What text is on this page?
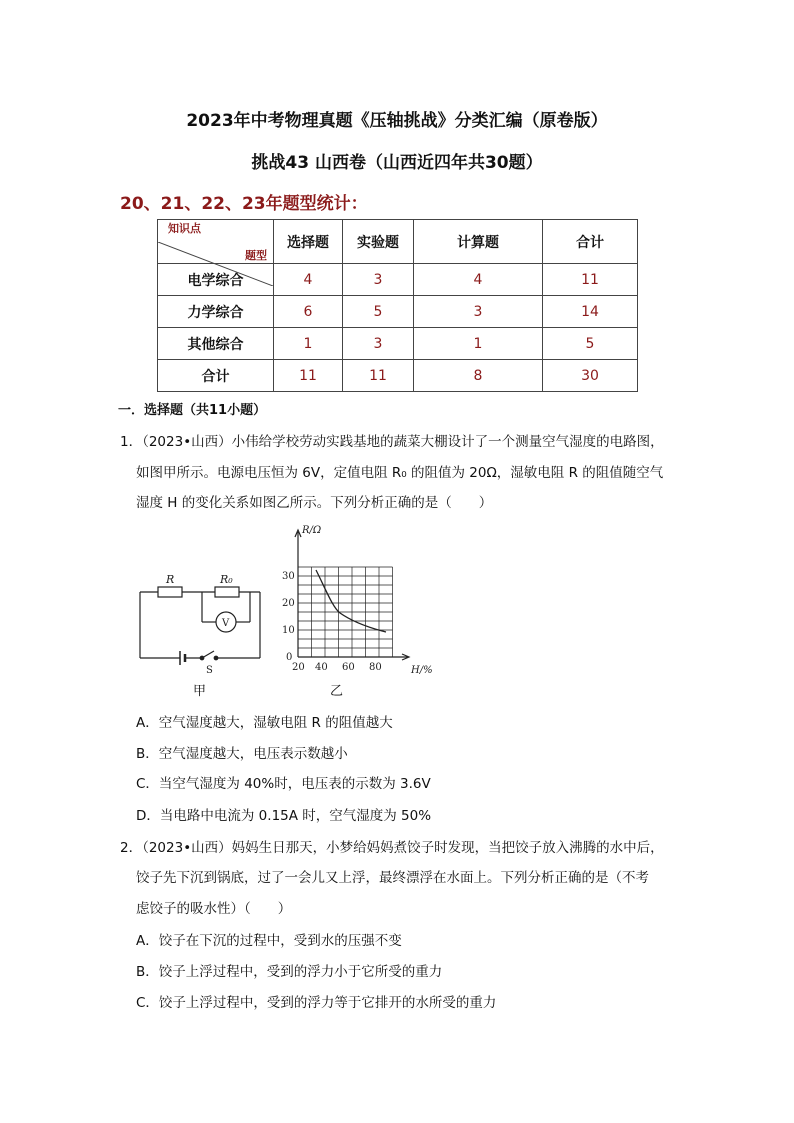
2023年中考物理真题《压轴挑战》分类汇编（原卷版）
挑战43 山西卷（山西近四年共30题）
20、21、22、23年题型统计：
题型
知识点	选择题	实验题	计算题	合计
电学综合	4	3	4	11
力学综合	6	5	3	14
其他综合	1	3	1	5
合计	11	11	8	30
一．选择题（共11小题）
1．（2023•山西）小伟给学校劳动实践基地的蔬菜大棚设计了一个测量空气湿度的电路图，
如图甲所示。电源电压恒为 6V，定值电阻 R₀ 的阻值为 20Ω，湿敏电阻 R 的阻值随空气
湿度 H 的变化关系如图乙所示。下列分析正确的是（　　）
R	R₀
V
S
甲
R/Ω
H/%
30
20
10
0
20 40 60 80
乙
A．空气湿度越大，湿敏电阻 R 的阻值越大
B．空气湿度越大，电压表示数越小
C．当空气湿度为 40%时，电压表的示数为 3.6V
D．当电路中电流为 0.15A 时，空气湿度为 50%
2．（2023•山西）妈妈生日那天，小梦给妈妈煮饺子时发现，当把饺子放入沸腾的水中后，
饺子先下沉到锅底，过了一会儿又上浮，最终漂浮在水面上。下列分析正确的是（不考
虑饺子的吸水性）（　　）
A．饺子在下沉的过程中，受到水的压强不变
B．饺子上浮过程中，受到的浮力小于它所受的重力
C．饺子上浮过程中，受到的浮力等于它排开的水所受的重力
